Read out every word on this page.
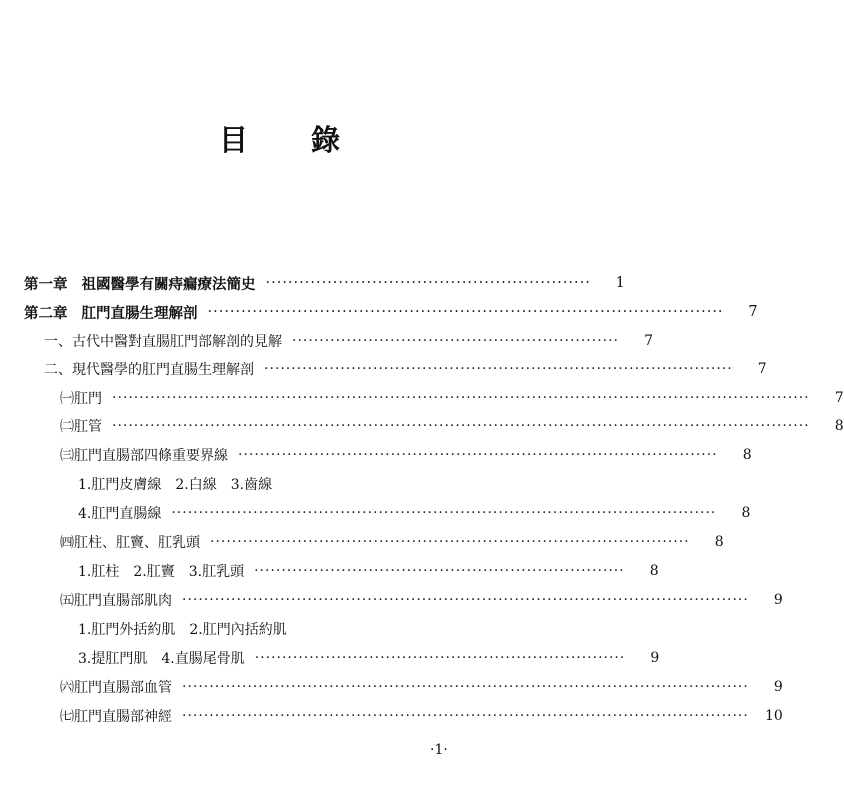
目 錄
第一章 祖國醫學有關痔瘺療法簡史 ··························································	1
第二章 肛門直腸生理解剖 ····························································································	7
一、古代中醫對直腸肛門部解剖的見解 ····························································	7
二、現代醫學的肛門直腸生理解剖 ······················································································	7
㈠肛門 ································································································································	7
㈡肛管 ································································································································	8
㈢肛門直腸部四條重要界線 ························································································	8
1.肛門皮膚線　2.白線　3.齒線
4.肛門直腸線 ····································································································	8
㈣肛柱、肛竇、肛乳頭 ························································································	8
1.肛柱　2.肛竇　3.肛乳頭 ····································································	8
㈤肛門直腸部肌肉 ········································································································	9
1.肛門外括約肌　2.肛門內括約肌
3.提肛門肌　4.直腸尾骨肌 ····································································	9
㈥肛門直腸部血管 ········································································································	9
㈦肛門直腸部神經 ········································································································	10
·1·
